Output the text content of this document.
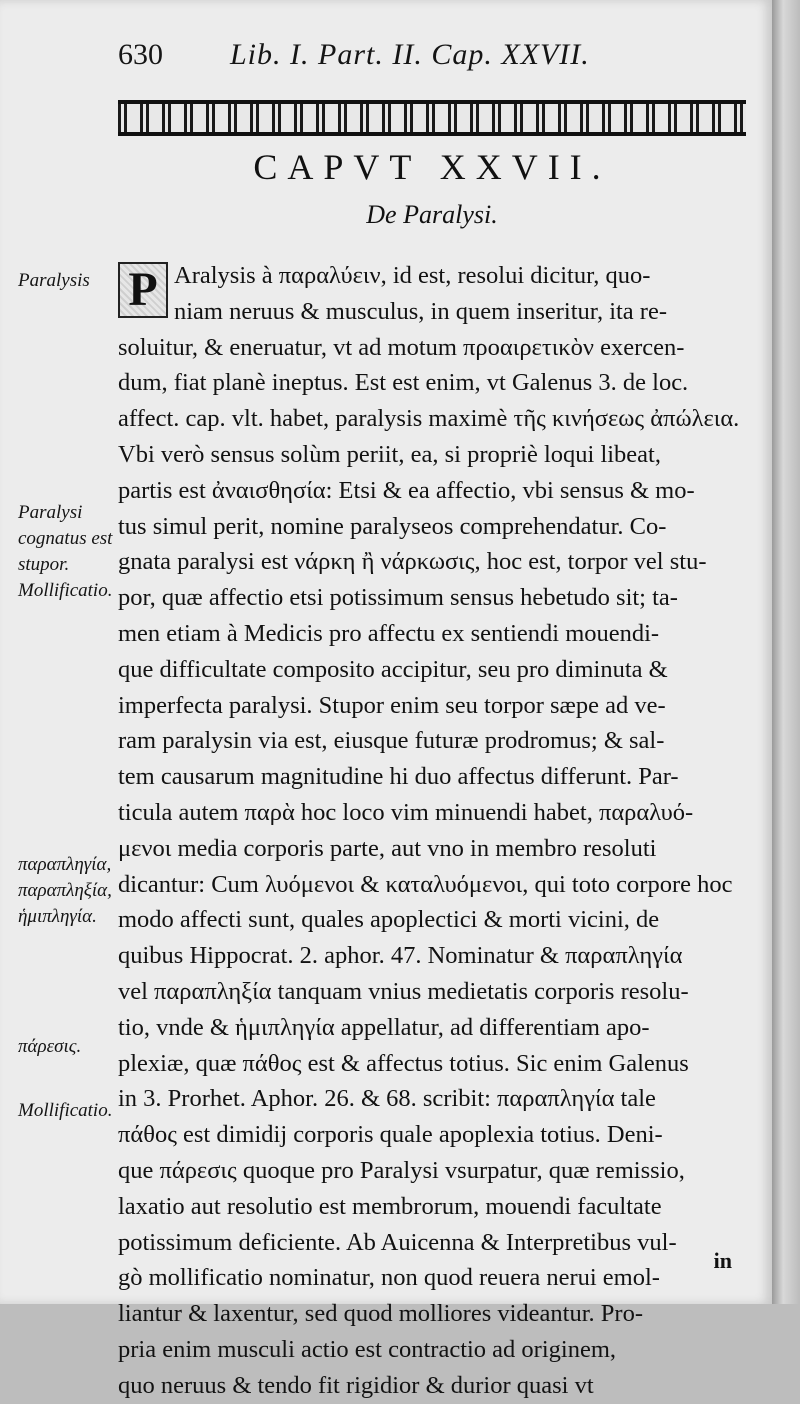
630 Lib. I. Part. II. Cap. XXVII.
CAPVT XXVII.
De Paralysi.
Paralysis
Paralysi cognatus est stupor. Mollificatio.
παραπληγία, παραπληξία, ἡμιπληγία.
πάρεσις.
Mollificatio.
P Aralysis à παραλύειν, id est, resolui dicitur, quo-
niam neruus & musculus, in quem inseritur, ita re-
soluitur, & eneruatur, vt ad motum προαιρετικὸν exercen-
dum, fiat planè ineptus. Est est enim, vt Galenus 3. de loc.
affect. cap. vlt. habet, paralysis maximè τῆς κινήσεως ἀπώλεια.
Vbi verò sensus solùm periit, ea, si propriè loqui libeat,
partis est ἀναισθησία: Etsi & ea affectio, vbi sensus & mo-
tus simul perit, nomine paralyseos comprehendatur. Co-
gnata paralysi est νάρκη ἢ νάρκωσις, hoc est, torpor vel stu-
por, quæ affectio etsi potissimum sensus hebetudo sit; ta-
men etiam à Medicis pro affectu ex sentiendi mouendi-
que difficultate composito accipitur, seu pro diminuta &
imperfecta paralysi. Stupor enim seu torpor sæpe ad ve-
ram paralysin via est, eiusque futuræ prodromus; & sal-
tem causarum magnitudine hi duo affectus differunt. Par-
ticula autem παρὰ hoc loco vim minuendi habet, παραλυό-
μενοι media corporis parte, aut vno in membro resoluti
dicantur: Cum λυόμενοι & καταλυόμενοι, qui toto corpore hoc
modo affecti sunt, quales apoplectici & morti vicini, de
quibus Hippocrat. 2. aphor. 47. Nominatur & παραπληγία
vel παραπληξία tanquam vnius medietatis corporis resolu-
tio, vnde & ἡμιπληγία appellatur, ad differentiam apo-
plexiæ, quæ πάθος est & affectus totius. Sic enim Galenus
in 3. Prorhet. Aphor. 26. & 68. scribit: παραπληγία tale
πάθος est dimidij corporis quale apoplexia totius. Deni-
que πάρεσις quoque pro Paralysi vsurpatur, quæ remissio,
laxatio aut resolutio est membrorum, mouendi facultate
potissimum deficiente. Ab Auicenna & Interpretibus vul-
gò mollificatio nominatur, non quod reuera nerui emol-
liantur & laxentur, sed quod molliores videantur. Pro-
pria enim musculi actio est contractio ad originem,
quo neruus & tendo fit rigidior & durior quasi vt
in
